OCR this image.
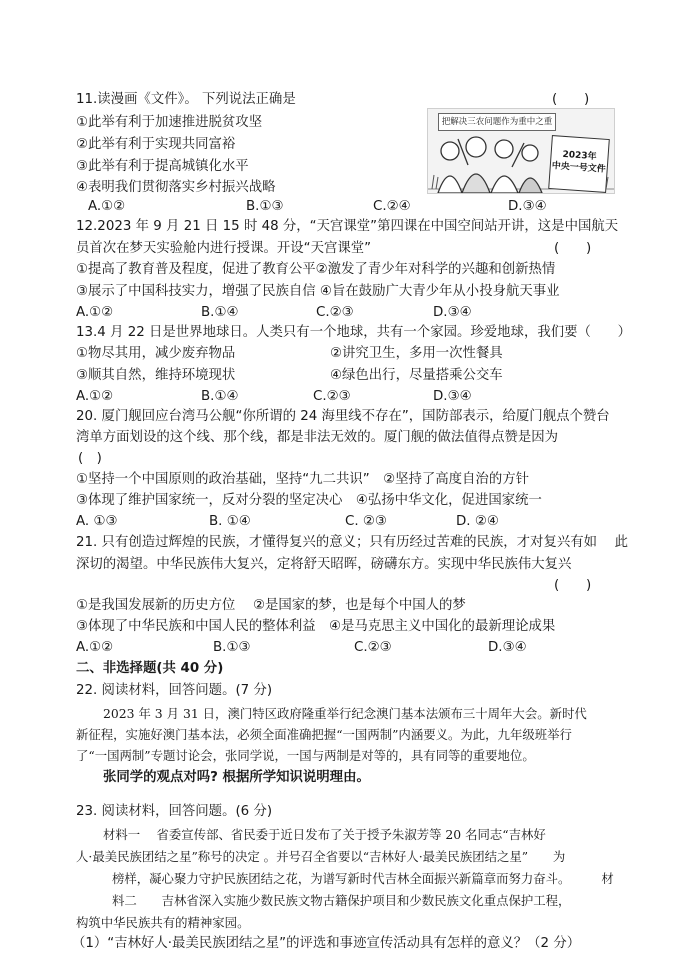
11.读漫画《文件》。 下列说法正确是	(　　)
①此举有利于加速推进脱贫攻坚
②此举有利于实现共同富裕
③此举有利于提高城镇化水平
④表明我们贯彻落实乡村振兴战略
A.①②	B.①③	C.②④	D.③④
把解决三农问题作为重中之重
2023年
中央一号文件
12.2023 年 9 月 21 日 15 时 48 分，“天宫课堂”第四课在中国空间站开讲，这是中国航天
员首次在梦天实验舱内进行授课。开设“天宫课堂”	(　　)
①提高了教育普及程度，促进了教育公平②激发了青少年对科学的兴趣和创新热情
③展示了中国科技实力，增强了民族自信 ④旨在鼓励广大青少年从小投身航天事业
A.①②	B.①④	C.②③	D.③④
13.4 月 22 日是世界地球日。人类只有一个地球，共有一个家园。珍爱地球，我们要（　　）
①物尽其用，减少废弃物品	②讲究卫生，多用一次性餐具
③顺其自然，维持环境现状	④绿色出行，尽量搭乘公交车
A.①②	B.①④	C.②③	D.③④
20. 厦门舰回应台湾马公舰“你所谓的 24 海里线不存在”，国防部表示，给厦门舰点个赞台
湾单方面划设的这个线、那个线，都是非法无效的。厦门舰的做法值得点赞是因为
(　)
①坚持一个中国原则的政治基础，坚持“九二共识”　②坚持了高度自治的方针
③体现了维护国家统一，反对分裂的坚定决心　④弘扬中华文化，促进国家统一
A. ①③	B. ①④	C. ②③	D. ②④
21. 只有创造过辉煌的民族，才懂得复兴的意义；只有历经过苦难的民族，才对复兴有如　 此
深切的渴望。中华民族伟大复兴，定将舒天昭晖，磅礴东方。实现中华民族伟大复兴
(　　)
①是我国发展新的历史方位　 ②是国家的梦，也是每个中国人的梦
③体现了中华民族和中国人民的整体利益　④是马克思主义中国化的最新理论成果
A.①②	B.①③	C.②③	D.③④
二、非选择题(共 40 分)
22. 阅读材料，回答问题。(7 分)
2023 年 3 月 31 日，澳门特区政府隆重举行纪念澳门基本法颁布三十周年大会。新时代
新征程，实施好澳门基本法，必须全面准确把握“一国两制”内涵要义。为此，九年级班举行
了“一国两制”专题讨论会，张同学说，一国与两制是对等的，具有同等的重要地位。
张同学的观点对吗? 根据所学知识说明理由。
23. 阅读材料，回答问题。(6 分)
材料一　 省委宣传部、省民委于近日发布了关于授予朱淑芳等 20 名同志“吉林好
人·最美民族团结之星”称号的决定 。并号召全省要以“吉林好人·最美民族团结之星”　　为
榜样，凝心聚力守护民族团结之花，为谱写新时代吉林全面振兴新篇章而努力奋斗。　　　材
料二　　吉林省深入实施少数民族文物古籍保护项目和少数民族文化重点保护工程，
构筑中华民族共有的精神家园。
（1）“吉林好人·最美民族团结之星”的评选和事迹宣传活动具有怎样的意义？（2 分）
